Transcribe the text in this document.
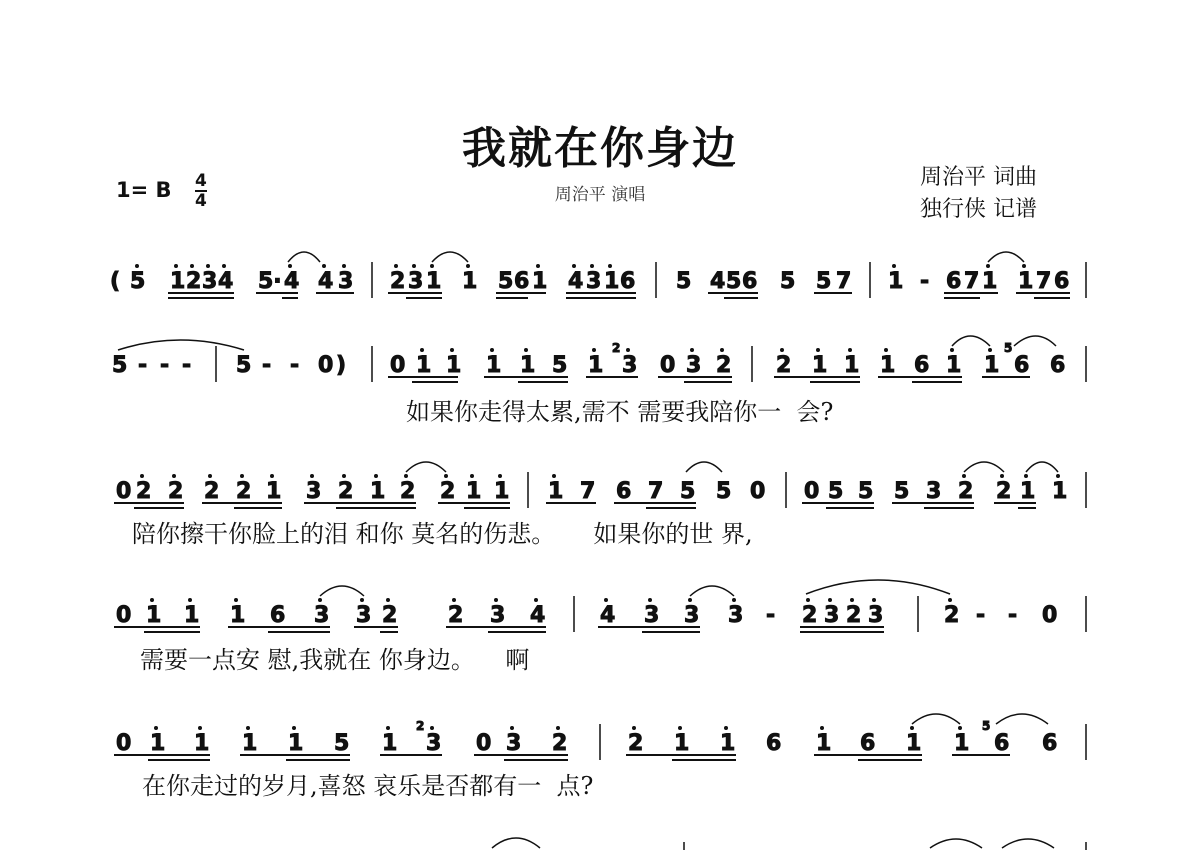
我就在你身边
周治平 演唱
周治平 词曲
独行侠 记谱
1= B 4
4
( 5 1 2 3 4 5· 4 4 3 2 3 1 1 5 6 1 4 3 1 6 5 4 5 6 5 5 7 1 - 6 7 1 1 7 6
5 - - - 5 - - 0 ) 0 1 1 1 1 5 1
2
3 0 3 2 2 1 1 1 6 1 1
5
6 6
0 2 2 2 2 1 3 2 1 2 2 1 1 1 7 6 7 5 5 0 0 5 5 5 3 2 2 1 1
0 1 1 1 6 3 3 2 2 3 4 4 3 3 3 - 2 3 2 3	2 - - 0
0 1 1 1 1 5 1
2
3 0 3 2	2 1 1 6 1 6 1 1
5
6 6
如果你走得太累,需不 需要我陪你一  会?
陪你擦干你脸上的泪 和你 莫名的伤悲。     如果你的世 界,
需要一点安 慰,我就在 你身边。    啊
在你走过的岁月,喜怒 哀乐是否都有一  点?
